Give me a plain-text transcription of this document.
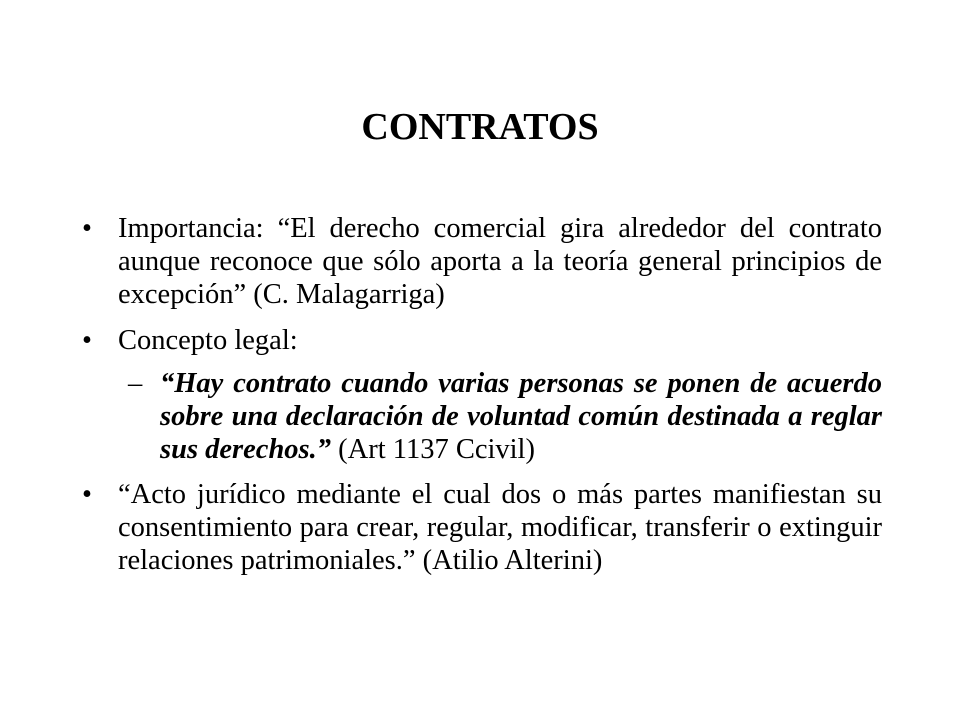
CONTRATOS
• Importancia: “El derecho comercial gira alrededor del contrato aunque reconoce que sólo aporta a la teoría general principios de excepción” (C. Malagarriga)
• Concepto legal:
– “Hay contrato cuando varias personas se ponen de acuerdo sobre una declaración de voluntad común destinada a reglar sus derechos.” (Art 1137 Ccivil)
• “Acto jurídico mediante el cual dos o más partes manifiestan su consentimiento para crear, regular, modificar, transferir o extinguir relaciones patrimoniales.” (Atilio Alterini)
